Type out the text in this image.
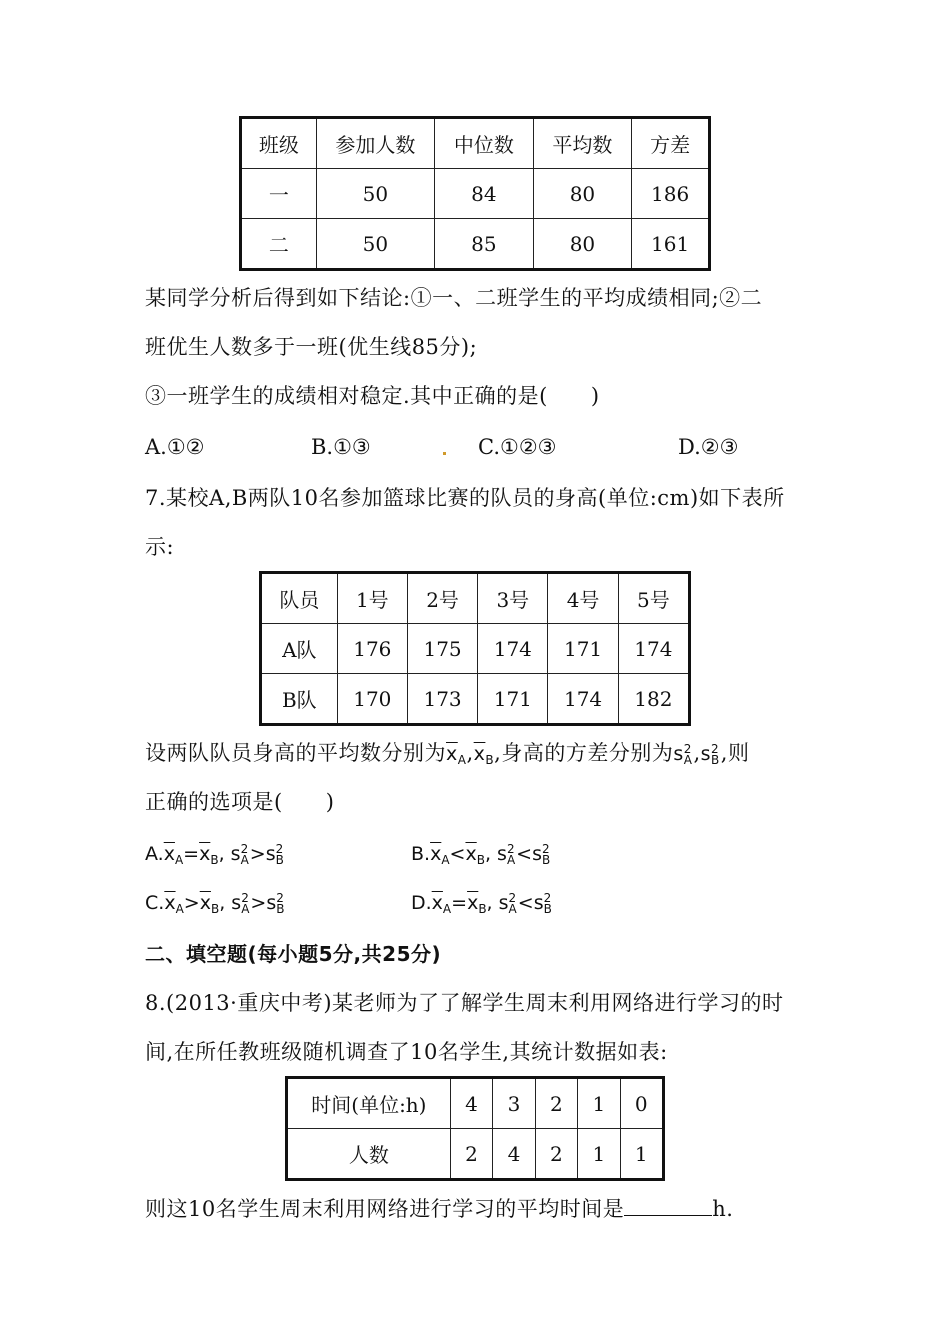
班级	参加人数	中位数	平均数	方差
一	50	84	80	186
二	50	85	80	161
某同学分析后得到如下结论:①一、二班学生的平均成绩相同;②二
班优生人数多于一班(优生线85分);
③一班学生的成绩相对稳定.其中正确的是(　　)
A.①②	B.①③	C.①②③	D.②③
7.某校A,B两队10名参加篮球比赛的队员的身高(单位:cm)如下表所
示:
队员	1号	2号	3号	4号	5号
A队	176	175	174	171	174
B队	170	173	171	174	182
设两队队员身高的平均数分别为$\overline{x}_A,\overline{x}_B$,身高的方差分别为s2
A,s2
B,则
正确的选项是(　　)
$A.\overline{x}_A=\overline{x}_B$, s2
A>s2
B	$B.\overline{x}_A<\overline{x}_B$, s2
A<s2
B
$C.\overline{x}_A>\overline{x}_B$, s2
A>s2
B	$D.\overline{x}_A=\overline{x}_B$, s2
A<s2
B
二、填空题(每小题5分,共25分)
8.(2013·重庆中考)某老师为了了解学生周末利用网络进行学习的时
间,在所任教班级随机调查了10名学生,其统计数据如表:
时间(单位:h)	4	3	2	1	0
人数	2	4	2	1	1
则这10名学生周末利用网络进行学习的平均时间是	h.
